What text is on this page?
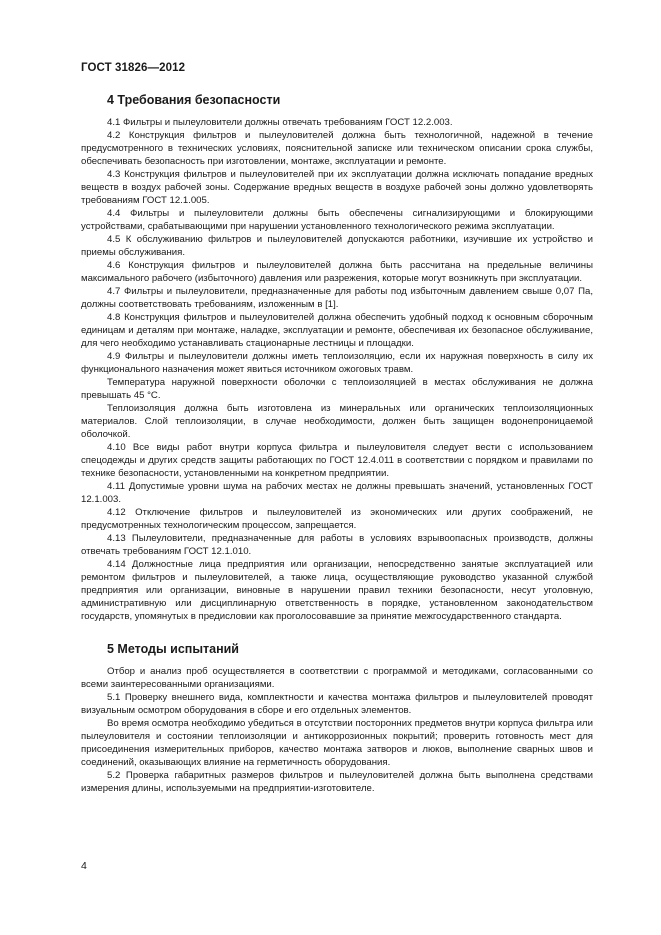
ГОСТ 31826—2012
4 Требования безопасности

4.1 Фильтры и пылеуловители должны отвечать требованиям ГОСТ 12.2.003.

4.2 Конструкция фильтров и пылеуловителей должна быть технологичной, надежной в течение предусмотренного в технических условиях, пояснительной записке или техническом описании срока службы, обеспечивать безопасность при изготовлении, монтаже, эксплуатации и ремонте.

4.3 Конструкция фильтров и пылеуловителей при их эксплуатации должна исключать попадание вредных веществ в воздух рабочей зоны. Содержание вредных веществ в воздухе рабочей зоны должно удовлетворять требованиям ГОСТ 12.1.005.

4.4 Фильтры и пылеуловители должны быть обеспечены сигнализирующими и блокирующими устройствами, срабатывающими при нарушении установленного технологического режима эксплуатации.

4.5 К обслуживанию фильтров и пылеуловителей допускаются работники, изучившие их устройство и приемы обслуживания.

4.6 Конструкция фильтров и пылеуловителей должна быть рассчитана на предельные величины максимального рабочего (избыточного) давления или разрежения, которые могут возникнуть при эксплуатации.

4.7 Фильтры и пылеуловители, предназначенные для работы под избыточным давлением свыше 0,07 Па, должны соответствовать требованиям, изложенным в [1].

4.8 Конструкция фильтров и пылеуловителей должна обеспечить удобный подход к основным сборочным единицам и деталям при монтаже, наладке, эксплуатации и ремонте, обеспечивая их безопасное обслуживание, для чего необходимо устанавливать стационарные лестницы и площадки.

4.9 Фильтры и пылеуловители должны иметь теплоизоляцию, если их наружная поверхность в силу их функционального назначения может явиться источником ожоговых травм.

Температура наружной поверхности оболочки с теплоизоляцией в местах обслуживания не должна превышать 45 °С.

Теплоизоляция должна быть изготовлена из минеральных или органических теплоизоляционных материалов. Слой теплоизоляции, в случае необходимости, должен быть защищен водонепроницаемой оболочкой.

4.10 Все виды работ внутри корпуса фильтра и пылеуловителя следует вести с использованием спецодежды и других средств защиты работающих по ГОСТ 12.4.011 в соответствии с порядком и правилами по технике безопасности, установленными на конкретном предприятии.

4.11 Допустимые уровни шума на рабочих местах не должны превышать значений, установленных ГОСТ 12.1.003.

4.12 Отключение фильтров и пылеуловителей из экономических или других соображений, не предусмотренных технологическим процессом, запрещается.

4.13 Пылеуловители, предназначенные для работы в условиях взрывоопасных производств, должны отвечать требованиям ГОСТ 12.1.010.

4.14 Должностные лица предприятия или организации, непосредственно занятые эксплуатацией или ремонтом фильтров и пылеуловителей, а также лица, осуществляющие руководство указанной службой предприятия или организации, виновные в нарушении правил техники безопасности, несут уголовную, административную или дисциплинарную ответственность в порядке, установленном законодательством государств, упомянутых в предисловии как проголосовавшие за принятие межгосударственного стандарта.

5 Методы испытаний

Отбор и анализ проб осуществляется в соответствии с программой и методиками, согласованными со всеми заинтересованными организациями.

5.1 Проверку внешнего вида, комплектности и качества монтажа фильтров и пылеуловителей проводят визуальным осмотром оборудования в сборе и его отдельных элементов.

Во время осмотра необходимо убедиться в отсутствии посторонних предметов внутри корпуса фильтра или пылеуловителя и состоянии теплоизоляции и антикоррозионных покрытий; проверить готовность мест для присоединения измерительных приборов, качество монтажа затворов и люков, выполнение сварных швов и соединений, оказывающих влияние на герметичность оборудования.

5.2 Проверка габаритных размеров фильтров и пылеуловителей должна быть выполнена средствами измерения длины, используемыми на предприятии-изготовителе.

4
